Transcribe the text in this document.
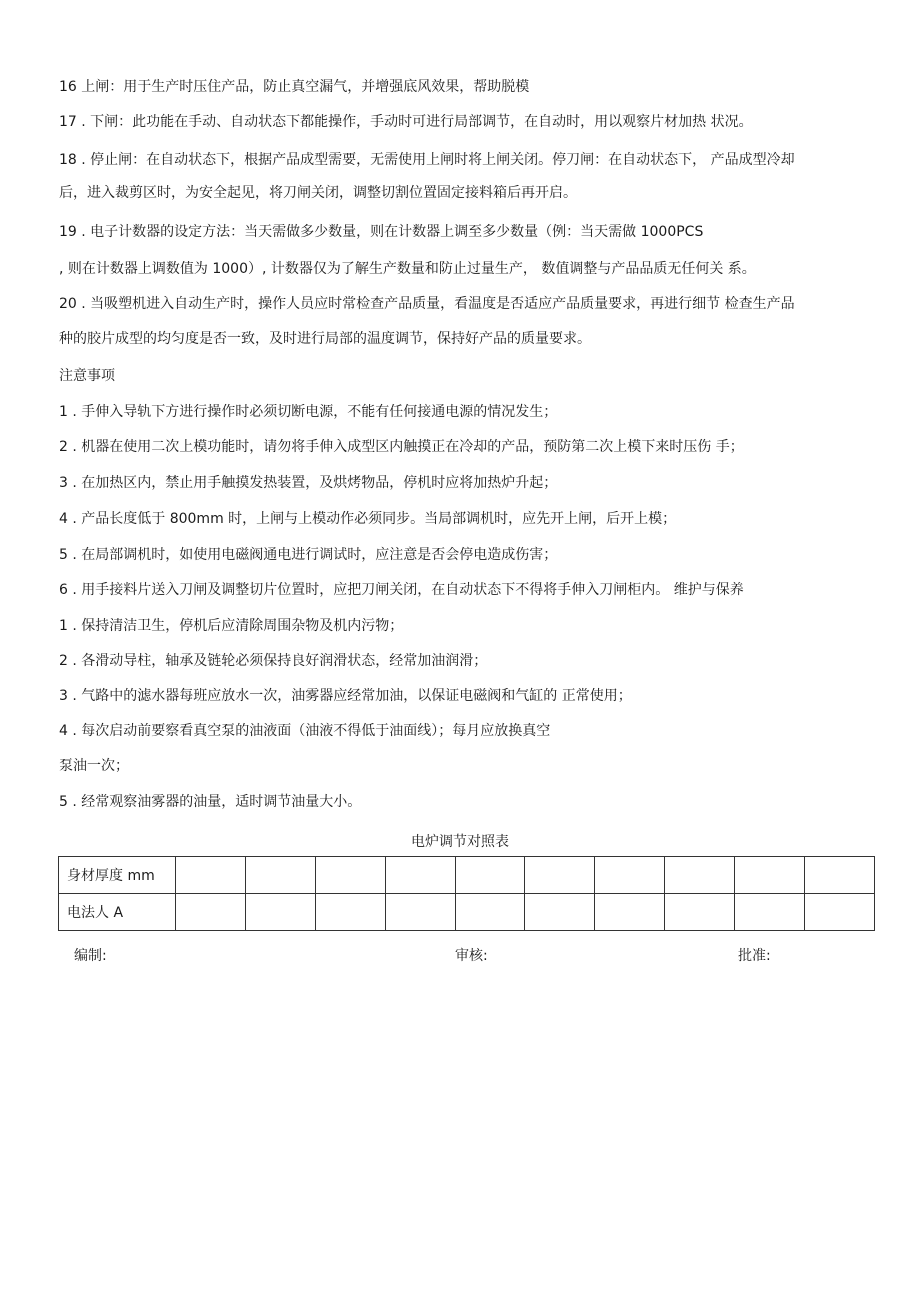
16 上闸：用于生产时压住产品，防止真空漏气，并增强底风效果，帮助脱模
17 . 下闸：此功能在手动、自动状态下都能操作，手动时可进行局部调节，在自动时，用以观察片材加热 状况。
18 . 停止闸：在自动状态下，根据产品成型需要，无需使用上闸时将上闸关闭。停刀闸：在自动状态下， 产品成型冷却
后，进入裁剪区时，为安全起见，将刀闸关闭，调整切割位置固定接料箱后再开启。
19 . 电子计数器的设定方法：当天需做多少数量，则在计数器上调至多少数量（例：当天需做 1000PCS
, 则在计数器上调数值为 1000）, 计数器仅为了解生产数量和防止过量生产， 数值调整与产品品质无任何关 系。
20 . 当吸塑机进入自动生产时，操作人员应时常检查产品质量，看温度是否适应产品质量要求，再进行细节 检查生产品
种的胶片成型的均匀度是否一致，及时进行局部的温度调节，保持好产品的质量要求。
注意事项
1 . 手伸入导轨下方进行操作时必须切断电源，不能有任何接通电源的情况发生；
2 . 机器在使用二次上模功能时，请勿将手伸入成型区内触摸正在冷却的产品，预防第二次上模下来时压伤 手；
3 . 在加热区内，禁止用手触摸发热装置，及烘烤物品，停机时应将加热炉升起；
4 . 产品长度低于 800mm 时，上闸与上模动作必须同步。当局部调机时，应先开上闸，后开上模；
5 . 在局部调机时，如使用电磁阀通电进行调试时，应注意是否会停电造成伤害；
6 . 用手接料片送入刀闸及调整切片位置时，应把刀闸关闭，在自动状态下不得将手伸入刀闸柜内。 维护与保养
1 . 保持清洁卫生，停机后应清除周围杂物及机内污物；
2 . 各滑动导柱，轴承及链轮必须保持良好润滑状态，经常加油润滑；
3 . 气路中的滤水器每班应放水一次，油雾器应经常加油，以保证电磁阀和气缸的 正常使用；
4 . 每次启动前要察看真空泵的油液面（油液不得低于油面线）；每月应放换真空
泵油一次；
5 . 经常观察油雾器的油量，适时调节油量大小。
电炉调节对照表
身材厚度 mm										
电法人 A										
编制:	审核:	批准:
